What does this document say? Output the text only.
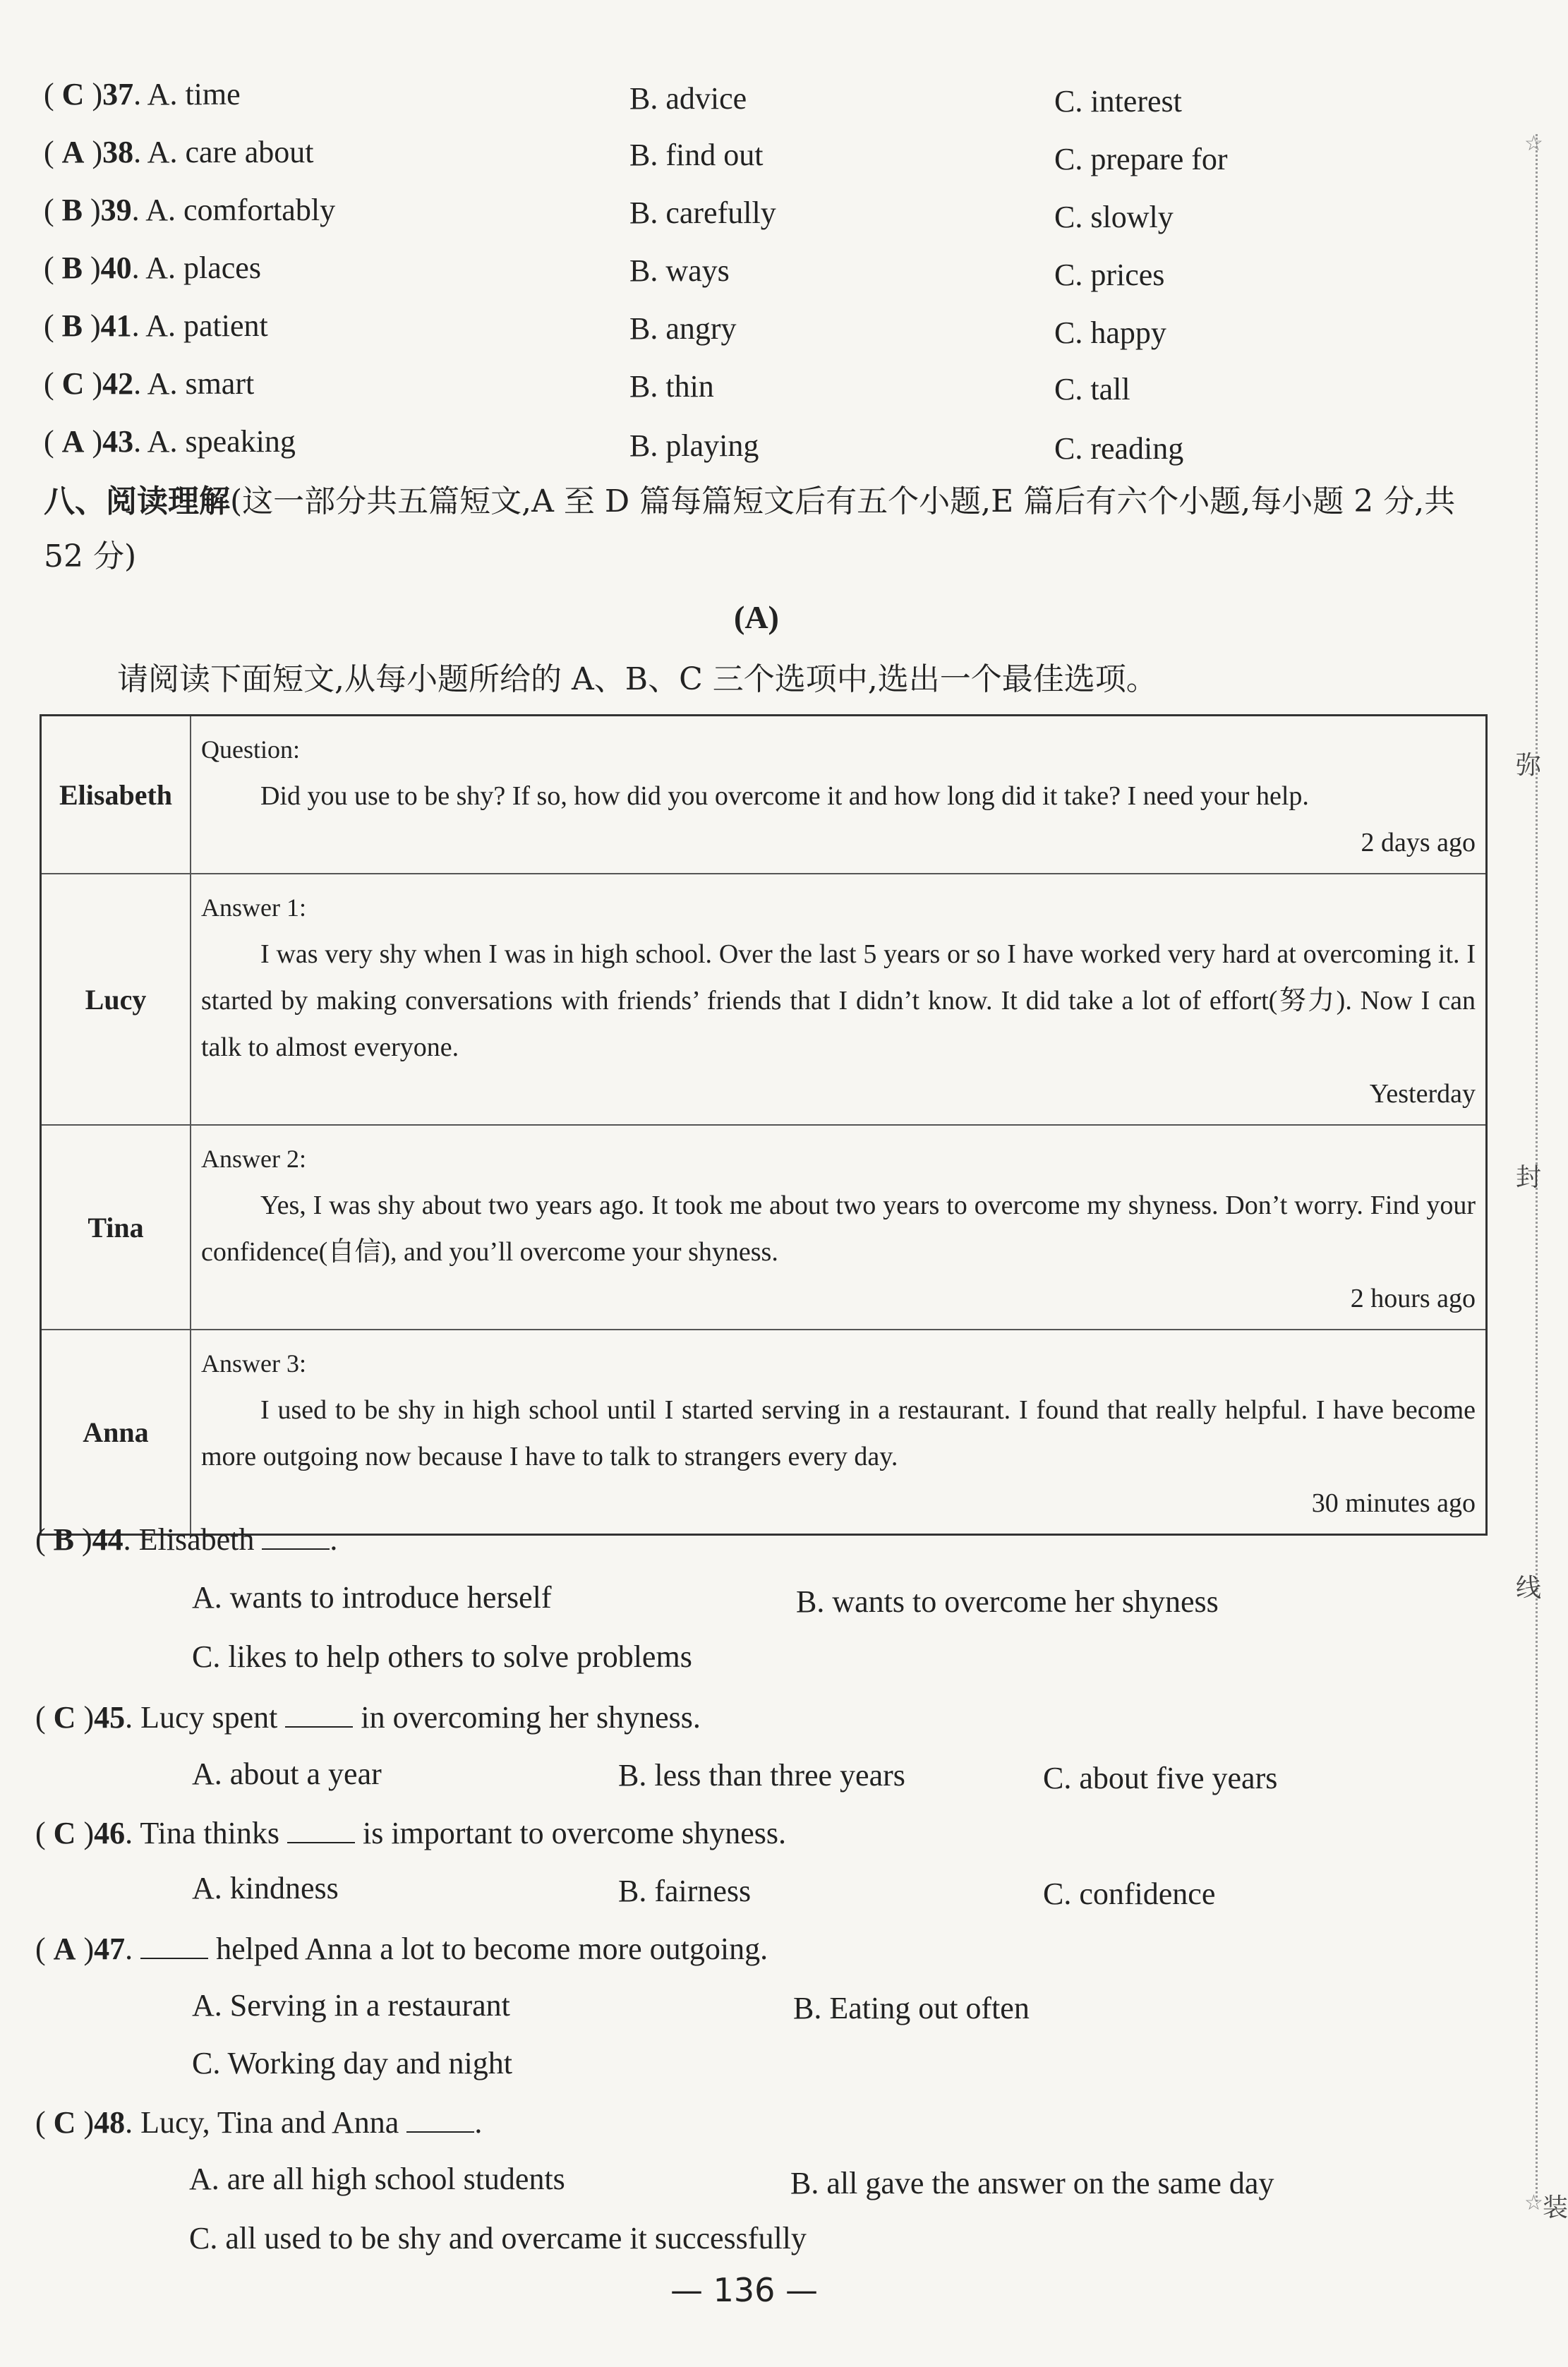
( C )37. A. time	B. advice	C. interest
( A )38. A. care about	B. find out	C. prepare for
( B )39. A. comfortably	B. carefully	C. slowly
( B )40. A. places	B. ways	C. prices
( B )41. A. patient	B. angry	C. happy
( C )42. A. smart	B. thin	C. tall
( A )43. A. speaking	B. playing	C. reading
八、阅读理解(这一部分共五篇短文,A 至 D 篇每篇短文后有五个小题,E 篇后有六个小题,每小题 2 分,共 52 分)
(A)
请阅读下面短文,从每小题所给的 A、B、C 三个选项中,选出一个最佳选项。
Elisabeth	Question:
Did you use to be shy? If so, how did you overcome it and how long did it take? I need your help.
2 days ago

Lucy	Answer 1:
I was very shy when I was in high school. Over the last 5 years or so I have worked very hard at overcoming it. I started by making conversations with friends’ friends that I didn’t know. It did take a lot of effort(努力). Now I can talk to almost everyone.
Yesterday

Tina	Answer 2:
Yes, I was shy about two years ago. It took me about two years to overcome my shyness. Don’t worry. Find your confidence(自信), and you’ll overcome your shyness.
2 hours ago

Anna	Answer 3:
I used to be shy in high school until I started serving in a restaurant. I found that really helpful. I have become more outgoing now because I have to talk to strangers every day.
30 minutes ago
( B )44. Elisabeth .
A. wants to introduce herself	B. wants to overcome her shyness
C. likes to help others to solve problems
( C )45. Lucy spent  in overcoming her shyness.
A. about a year	B. less than three years	C. about five years
( C )46. Tina thinks  is important to overcome shyness.
A. kindness	B. fairness	C. confidence
( A )47.  helped Anna a lot to become more outgoing.
A. Serving in a restaurant	B. Eating out often
C. Working day and night
( C )48. Lucy, Tina and Anna .
A. are all high school students	B. all gave the answer on the same day
C. all used to be shy and overcame it successfully
☆
弥
封
线
☆ 装
— 136 —
